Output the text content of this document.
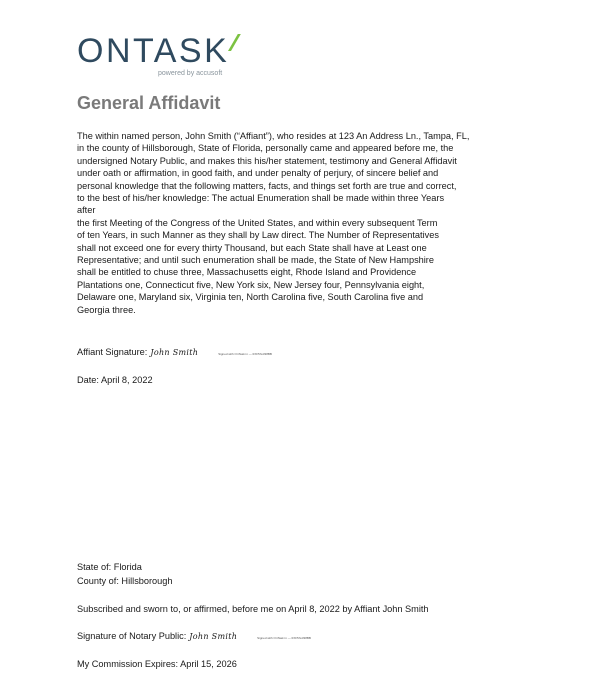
ONTAS K
powered by accusoft
General Affidavit

The within named person, John Smith (“Affiant”), who resides at 123 An Address Ln., Tampa, FL,

in the county of Hillsborough, State of Florida, personally came and appeared before me, the

undersigned Notary Public, and makes this his/her statement, testimony and General Affidavit

under oath or affirmation, in good faith, and under penalty of perjury, of sincere belief and

personal knowledge that the following matters, facts, and things set forth are true and correct,

to the best of his/her knowledge: The actual Enumeration shall be made within three Years

after

the first Meeting of the Congress of the United States, and within every subsequent Term

of ten Years, in such Manner as they shall by Law direct. The Number of Representatives

shall not exceed one for every thirty Thousand, but each State shall have at Least one

Representative; and until such enumeration shall be made, the State of New Hampshire

shall be entitled to chuse three, Massachusetts eight, Rhode Island and Providence

Plantations one, Connecticut five, New York six, New Jersey four, Pennsylvania eight,

Delaware one, Maryland six, Virginia ten, North Carolina five, South Carolina five and

Georgia three.

Affiant Signature: John Smith	Signed with OnTask in — 0XF5hx338BB
Date: April 8, 2022
State of: Florida
County of: Hillsborough
Subscribed and sworn to, or affirmed, before me on April 8, 2022 by Affiant John Smith
Signature of Notary Public: John Smith	Signed with OnTask in — 0XF5hx338BB
My Commission Expires: April 15, 2026
